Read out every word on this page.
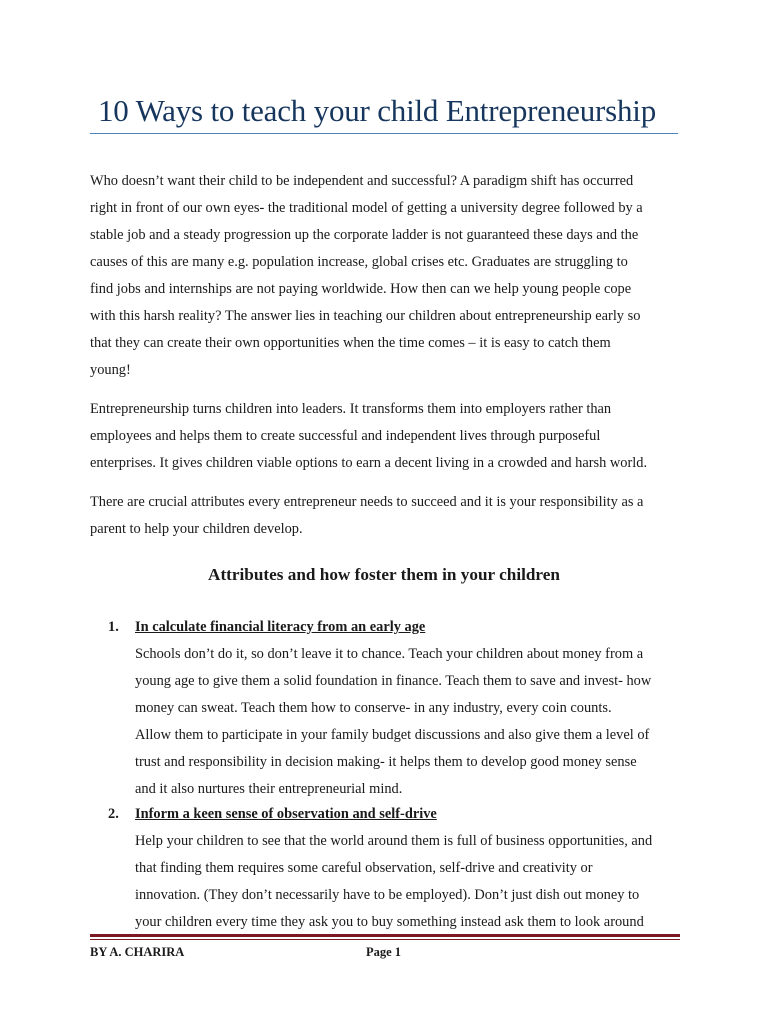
10 Ways to teach your child Entrepreneurship
Who doesn’t want their child to be independent and successful? A paradigm shift has occurred
right in front of our own eyes- the traditional model of getting a university degree followed by a
stable job and a steady progression up the corporate ladder is not guaranteed these days and the
causes of this are many e.g. population increase, global crises etc. Graduates are struggling to
find jobs and internships are not paying worldwide. How then can we help young people cope
with this harsh reality? The answer lies in teaching our children about entrepreneurship early so
that they can create their own opportunities when the time comes – it is easy to catch them
young!
Entrepreneurship turns children into leaders. It transforms them into employers rather than
employees and helps them to create successful and independent lives through purposeful
enterprises. It gives children viable options to earn a decent living in a crowded and harsh world.
There are crucial attributes every entrepreneur needs to succeed and it is your responsibility as a
parent to help your children develop.
Attributes and how foster them in your children
1. In calculate financial literacy from an early age
Schools don’t do it, so don’t leave it to chance. Teach your children about money from a
young age to give them a solid foundation in finance. Teach them to save and invest- how
money can sweat. Teach them how to conserve- in any industry, every coin counts.
Allow them to participate in your family budget discussions and also give them a level of
trust and responsibility in decision making- it helps them to develop good money sense
and it also nurtures their entrepreneurial mind.
2. Inform a keen sense of observation and self-drive
Help your children to see that the world around them is full of business opportunities, and
that finding them requires some careful observation, self-drive and creativity or
innovation. (They don’t necessarily have to be employed). Don’t just dish out money to
your children every time they ask you to buy something instead ask them to look around
BY A. CHARIRA	Page 1
